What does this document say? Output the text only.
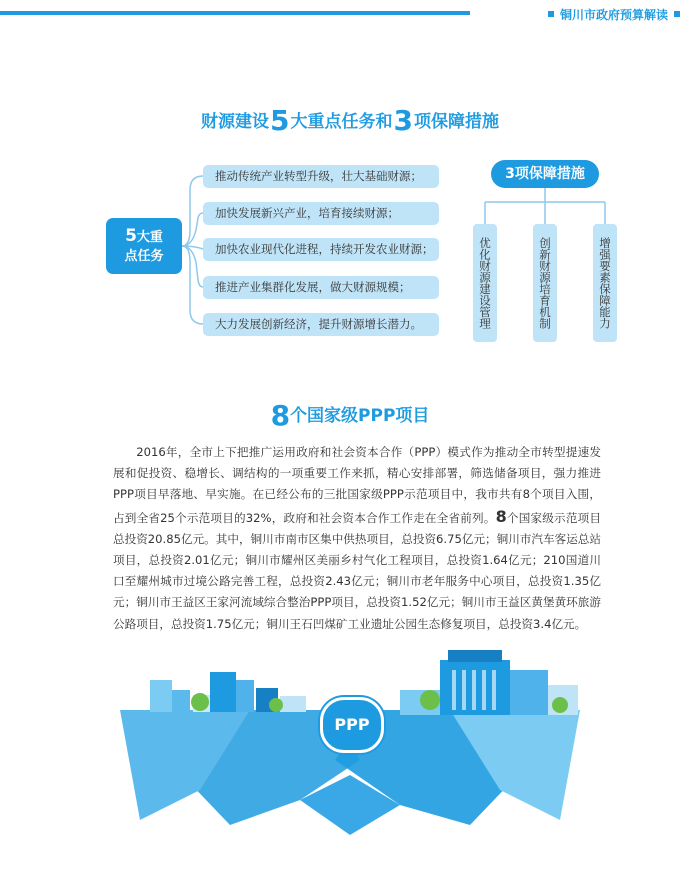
铜川市政府预算解读
财源建设5大重点任务和3项保障措施
5大重
点任务
推动传统产业转型升级，壮大基础财源；
加快发展新兴产业，培育接续财源；
加快农业现代化进程，持续开发农业财源；
推进产业集群化发展，做大财源规模；
大力发展创新经济，提升财源增长潜力。
3项保障措施
优化财源建设管理	创新财源培育机制	增强要素保障能力
8个国家级PPP项目
2016年，全市上下把推广运用政府和社会资本合作（PPP）模式作为推动全市转型提速发展和促投资、稳增长、调结构的一项重要工作来抓，精心安排部署，筛选储备项目，强力推进PPP项目早落地、早实施。在已经公布的三批国家级PPP示范项目中，我市共有8个项目入围，占到全省25个示范项目的32%，政府和社会资本合作工作走在全省前列。8个国家级示范项目总投资20.85亿元。其中，铜川市南市区集中供热项目，总投资6.75亿元；铜川市汽车客运总站项目，总投资2.01亿元；铜川市耀州区美丽乡村气化工程项目，总投资1.64亿元；210国道川口至耀州城市过境公路完善工程，总投资2.43亿元；铜川市老年服务中心项目，总投资1.35亿元；铜川市王益区王家河流域综合整治PPP项目，总投资1.52亿元；铜川市王益区黄堡黄环旅游公路项目，总投资1.75亿元；铜川王石凹煤矿工业遗址公园生态修复项目，总投资3.4亿元。
PPP
